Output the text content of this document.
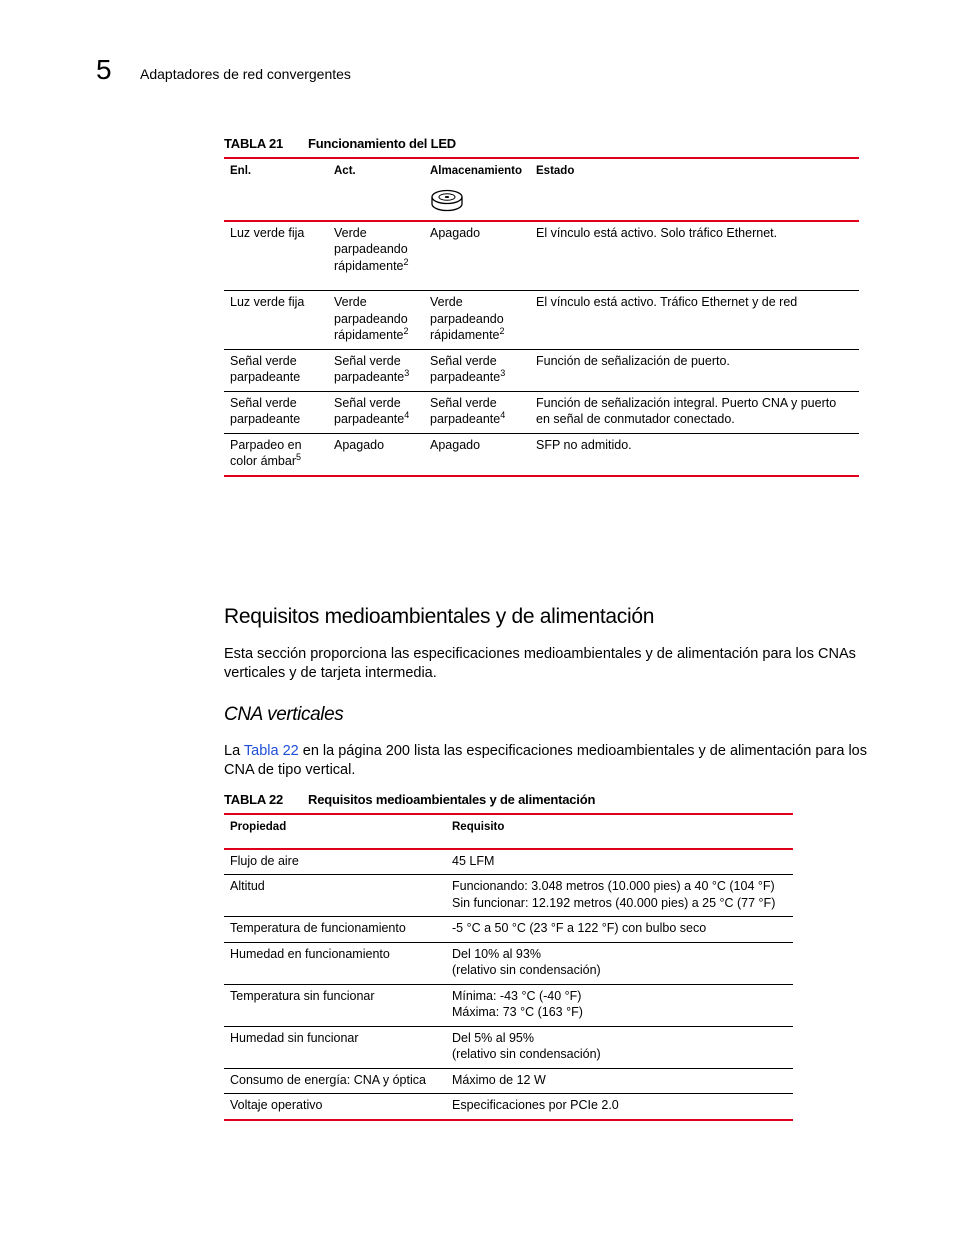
5 Adaptadores de red convergentes
TABLA 21 Funcionamiento del LED
Enl.	Act.	Almacenamiento	Estado
Luz verde fija	Verde parpadeando rápidamente$^2$	Apagado	El vínculo está activo. Solo tráfico Ethernet.
Luz verde fija	Verde parpadeando rápidamente$^2$	Verde parpadeando rápidamente$^2$	El vínculo está activo. Tráfico Ethernet y de red
Señal verde parpadeante	Señal verde parpadeante$^3$	Señal verde parpadeante$^3$	Función de señalización de puerto.
Señal verde parpadeante	Señal verde parpadeante$^4$	Señal verde parpadeante$^4$	Función de señalización integral. Puerto CNA y puerto en señal de conmutador conectado.
Parpadeo en color ámbar$^5$	Apagado	Apagado	SFP no admitido.
Requisitos medioambientales y de alimentación
Esta sección proporciona las especificaciones medioambientales y de alimentación para los CNAs verticales y de tarjeta intermedia.
CNA verticales
La Tabla 22 en la página 200 lista las especificaciones medioambientales y de alimentación para los CNA de tipo vertical.
TABLA 22 Requisitos medioambientales y de alimentación
Propiedad	Requisito
Flujo de aire	45 LFM

Altitud	Funcionando: 3.048 metros (10.000 pies) a 40 °C (104 °F)
Sin funcionar: 12.192 metros (40.000 pies) a 25 °C (77 °F)

Temperatura de funcionamiento	-5 °C a 50 °C (23 °F a 122 °F) con bulbo seco

Humedad en funcionamiento	Del 10% al 93%
(relativo sin condensación)

Temperatura sin funcionar	Mínima: -43 °C (-40 °F)
Máxima: 73 °C (163 °F)

Humedad sin funcionar	Del 5% al 95%
(relativo sin condensación)

Consumo de energía: CNA y óptica	Máximo de 12 W

Voltaje operativo	Especificaciones por PCIe 2.0
